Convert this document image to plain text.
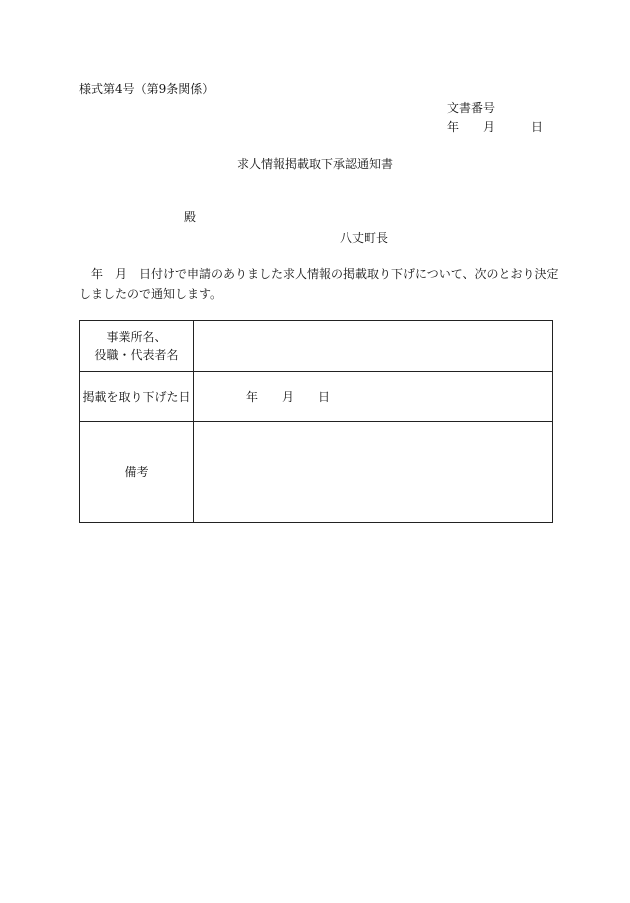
様式第4号（第9条関係）
文書番号
年 月	日
求人情報掲載取下承認通知書
殿
八丈町長
　年　月　日付けで申請のありました求人情報の掲載取り下げについて、次のとおり決定
しましたので通知します。
事業所名、
役職・代表者名	

掲載を取り下げた日	年 月 日

備考	
